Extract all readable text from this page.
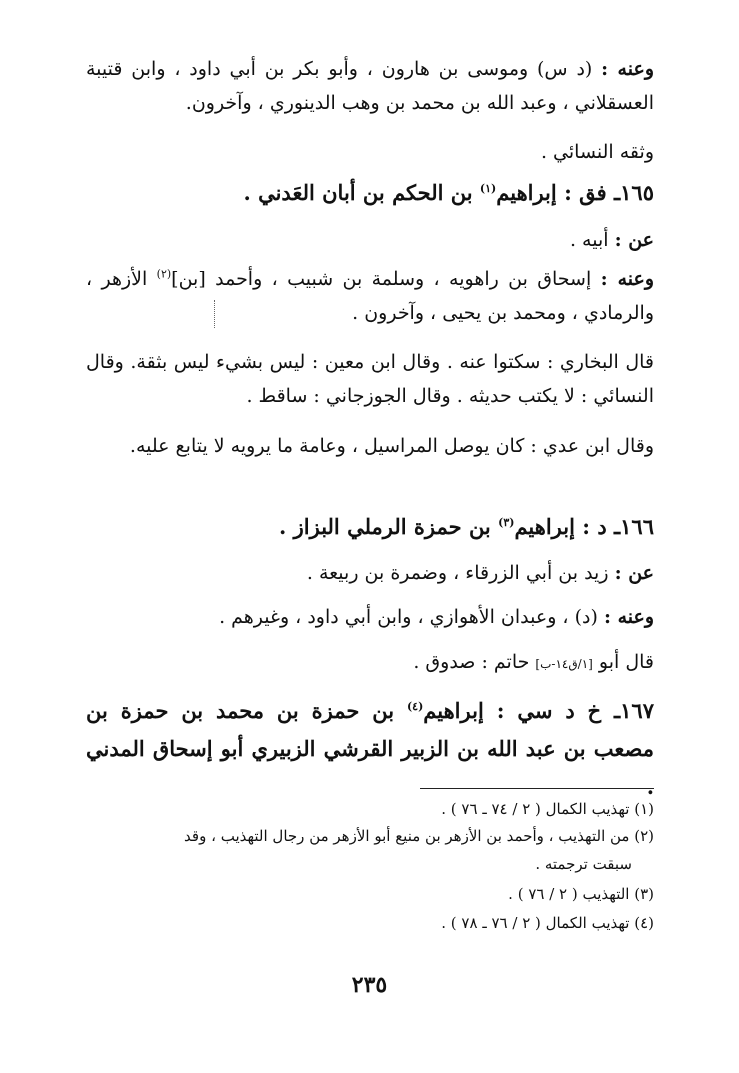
وعنه : (د س) وموسى بن هارون ، وأبو بكر بن أبي داود ، وابن قتيبة العسقلاني ، وعبد الله بن محمد بن وهب الدينوري ، وآخرون.
وثقه النسائي .
١٦٥ـ فق : إبراهيم$^{(١)}$ بن الحكم بن أبان العَدني .
عن : أبيه .
وعنه : إسحاق بن راهويه ، وسلمة بن شبيب ، وأحمد [بن]$^{(٢)}$ الأزهر ، والرمادي ، ومحمد بن يحيى ، وآخرون .
قال البخاري : سكتوا عنه . وقال ابن معين : ليس بشيء ليس بثقة. وقال النسائي : لا يكتب حديثه . وقال الجوزجاني : ساقط .
وقال ابن عدي : كان يوصل المراسيل ، وعامة ما يرويه لا يتابع عليه.
١٦٦ـ د : إبراهيم$^{(٣)}$ بن حمزة الرملي البزاز .
عن : زيد بن أبي الزرقاء ، وضمرة بن ربيعة .
وعنه : (د) ، وعبدان الأهوازي ، وابن أبي داود ، وغيرهم .
قال أبو [١/ق١٤-ب] حاتم : صدوق .
١٦٧ـ خ د سي : إبراهيم$^{(٤)}$ بن حمزة بن محمد بن حمزة بن مصعب بن عبد الله بن الزبير القرشي الزبيري أبو إسحاق المدني .
(١) تهذيب الكمال ( ٢ / ٧٤ ـ ٧٦ ) .
(٢) من التهذيب ، وأحمد بن الأزهر بن منيع أبو الأزهر من رجال التهذيب ، وقد
سبقت ترجمته .
(٣) التهذيب ( ٢ / ٧٦ ) .
(٤) تهذيب الكمال ( ٢ / ٧٦ ـ ٧٨ ) .
٢٣٥
